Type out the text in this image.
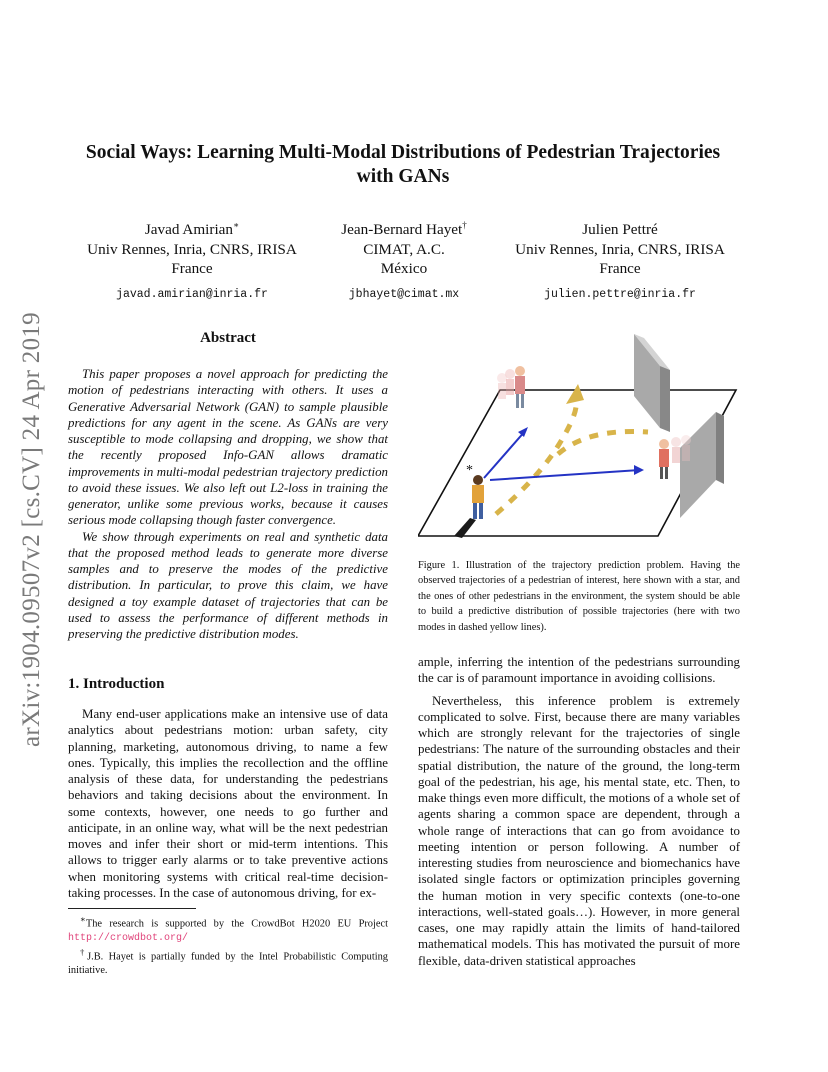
arXiv:1904.09507v2 [cs.CV] 24 Apr 2019
Social Ways: Learning Multi-Modal Distributions of Pedestrian Trajectories with GANs
Javad Amirian∗
Univ Rennes, Inria, CNRS, IRISA
France
javad.amirian@inria.fr
Jean-Bernard Hayet†
CIMAT, A.C.
México
jbhayet@cimat.mx
Julien Pettré
Univ Rennes, Inria, CNRS, IRISA
France
julien.pettre@inria.fr
Abstract

This paper proposes a novel approach for predicting the motion of pedestrians interacting with others. It uses a Generative Adversarial Network (GAN) to sample plausible predictions for any agent in the scene. As GANs are very susceptible to mode collapsing and dropping, we show that the recently proposed Info-GAN allows dramatic improvements in multi-modal pedestrian trajectory prediction to avoid these issues. We also left out L2-loss in training the generator, unlike some previous works, because it causes serious mode collapsing though faster convergence.

We show through experiments on real and synthetic data that the proposed method leads to generate more diverse samples and to preserve the modes of the predictive distribution. In particular, to prove this claim, we have designed a toy example dataset of trajectories that can be used to assess the performance of different methods in preserving the predictive distribution modes.

1. Introduction

Many end-user applications make an intensive use of data analytics about pedestrians motion: urban safety, city planning, marketing, autonomous driving, to name a few ones. Typically, this implies the recollection and the offline analysis of these data, for understanding the pedestrians behaviors and taking decisions about the environment. In some contexts, however, one needs to go further and anticipate, in an online way, what will be the next pedestrian moves and infer their short or mid-term intentions. This allows to trigger early alarms or to take preventive actions when monitoring systems with critical real-time decision-taking processes. In the case of autonomous driving, for ex-

∗The research is supported by the CrowdBot H2020 EU Project http://crowdbot.org/

†J.B. Hayet is partially funded by the Intel Probabilistic Computing initiative.

*
Figure 1. Illustration of the trajectory prediction problem. Having the observed trajectories of a pedestrian of interest, here shown with a star, and the ones of other pedestrians in the environment, the system should be able to build a predictive distribution of possible trajectories (here with two modes in dashed yellow lines).

ample, inferring the intention of the pedestrians surrounding the car is of paramount importance in avoiding collisions.

Nevertheless, this inference problem is extremely complicated to solve. First, because there are many variables which are strongly relevant for the trajectories of single pedestrians: The nature of the surrounding obstacles and their spatial distribution, the nature of the ground, the long-term goal of the pedestrian, his age, his mental state, etc. Then, to make things even more difficult, the motions of a whole set of agents sharing a common space are dependent, through a whole range of interactions that can go from avoidance to meeting intention or person following. A number of interesting studies from neuroscience and biomechanics have isolated single factors or optimization principles governing the human motion in very specific contexts (one-to-one interactions, well-stated goals…). However, in more general cases, one may rapidly attain the limits of hand-tailored mathematical models. This has motivated the pursuit of more flexible, data-driven statistical approaches
